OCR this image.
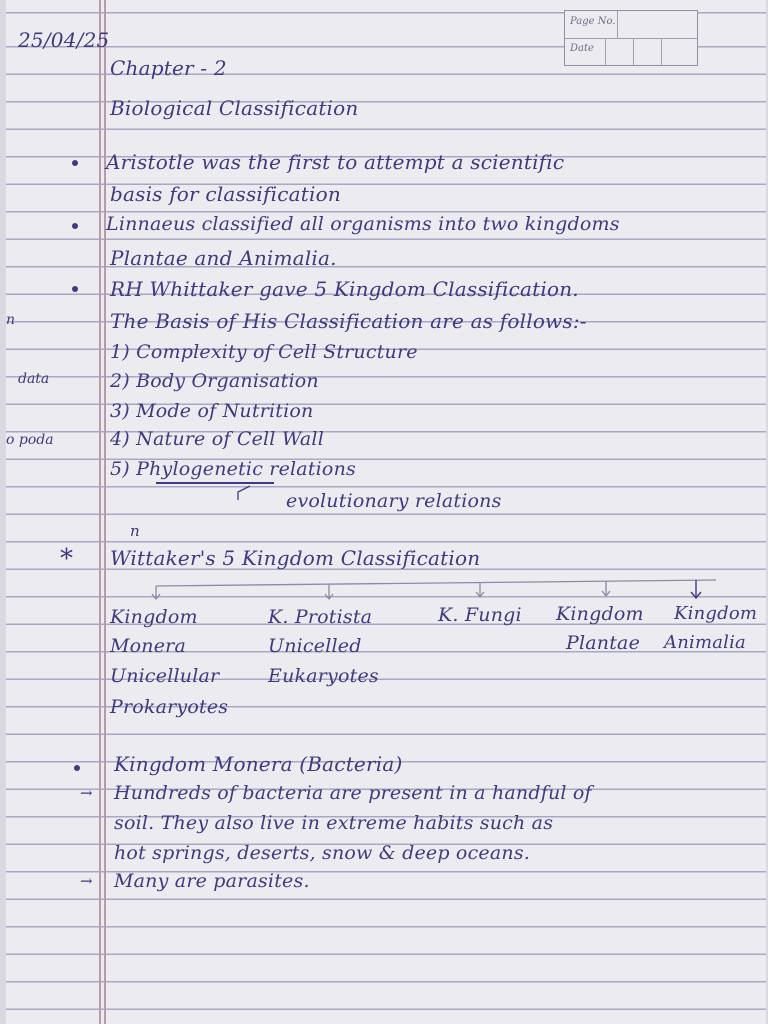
Page No.
Date

25/04/25

Chapter - 2

Biological Classification

Aristotle was the first to attempt a scientific

basis for classification

Linnaeus classified all organisms into two kingdoms

Plantae and Animalia.

RH Whittaker gave 5 Kingdom Classification.

The Basis of His Classification are as follows:-

1) Complexity of Cell Structure

2) Body Organisation

3) Mode of Nutrition

4) Nature of Cell Wall

5) Phylogenetic relations

evolutionary relations

n
data
o poda
n
* Wittaker's 5 Kingdom Classification

Kingdom

Monera

Unicellular

Prokaryotes

K. Protista

Unicelled

Eukaryotes

K. Fungi Kingdom

Plantae

Kingdom

Animalia

Kingdom Monera (Bacteria)

→ Hundreds of bacteria are present in a handful of

soil. They also live in extreme habits such as

hot springs, deserts, snow & deep oceans.

→ Many are parasites.
